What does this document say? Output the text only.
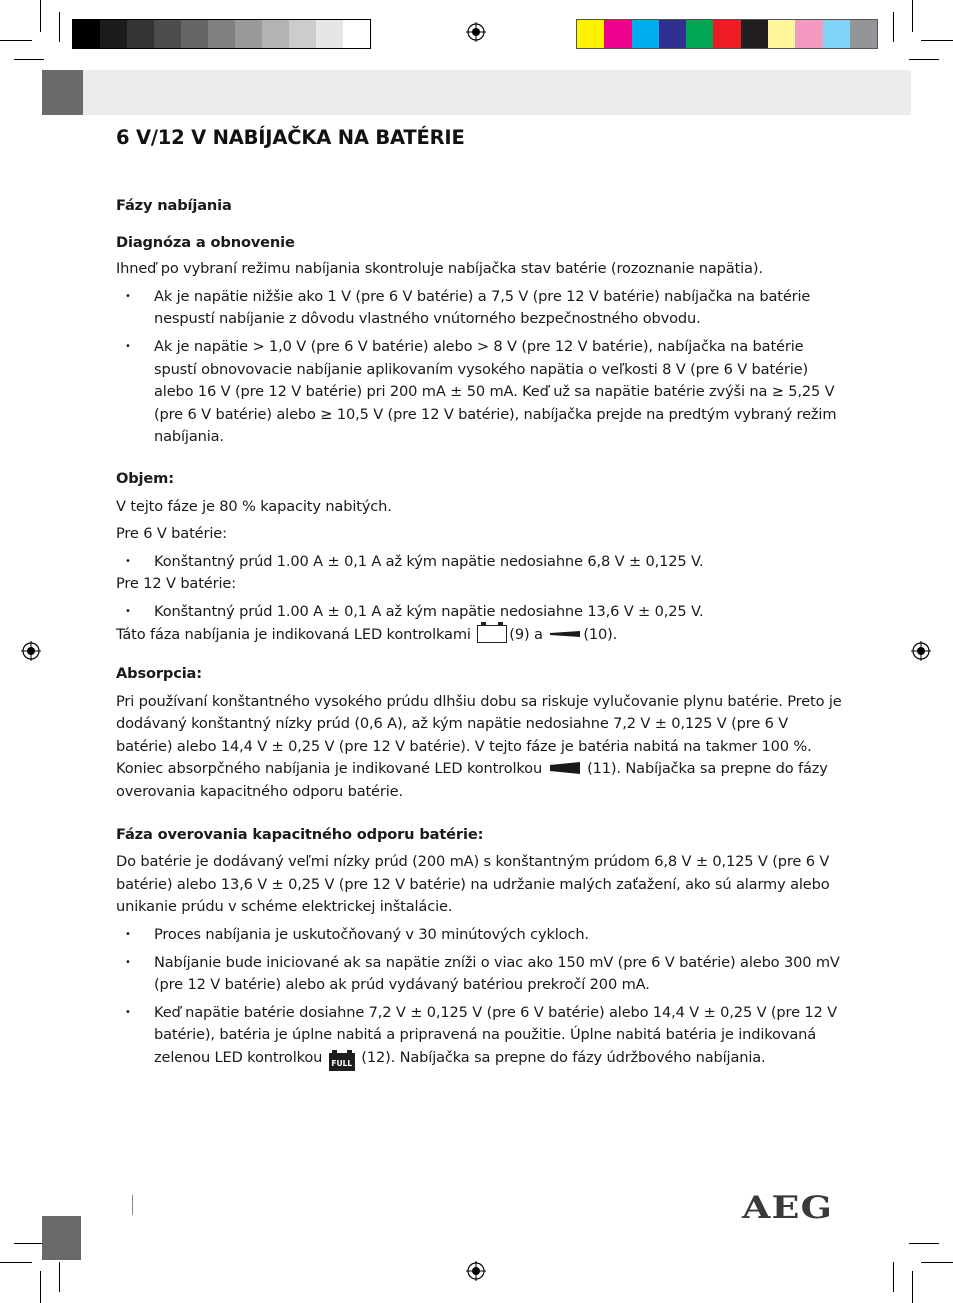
6 V/12 V NABÍJAČKA NA BATÉRIE

Fázy nabíjania

Diagnóza a obnovenie

Ihneď po vybraní režimu nabíjania skontroluje nabíjačka stav batérie (rozoznanie napätia).

• Ak je napätie nižšie ako 1 V (pre 6 V batérie) a 7,5 V (pre 12 V batérie) nabíjačka na batérie nespustí nabíjanie z dôvodu vlastného vnútorného bezpečnostného obvodu.
• Ak je napätie > 1,0 V (pre 6 V batérie) alebo > 8 V (pre 12 V batérie), nabíjačka na batérie spustí obnovovacie nabíjanie aplikovaním vysokého napätia o veľkosti 8 V (pre 6 V batérie) alebo 16 V (pre 12 V batérie) pri 200 mA ± 50 mA. Keď už sa napätie batérie zvýši na ≥ 5,25 V (pre 6 V batérie) alebo ≥ 10,5 V (pre 12 V batérie), nabíjačka prejde na predtým vybraný režim nabíjania.

Objem:

V tejto fáze je 80 % kapacity nabitých.

Pre 6 V batérie:

• Konštantný prúd 1.00 A ± 0,1 A až kým napätie nedosiahne 6,8 V ± 0,125 V.

Pre 12 V batérie:

• Konštantný prúd 1.00 A ± 0,1 A až kým napätie nedosiahne 13,6 V ± 0,25 V.

Táto fáza nabíjania je indikovaná LED kontrolkami	(9) a	(10).

Absorpcia:

Pri používaní konštantného vysokého prúdu dlhšiu dobu sa riskuje vylučovanie plynu batérie. Preto je dodávaný konštantný nízky prúd (0,6 A), až kým napätie nedosiahne 7,2 V ± 0,125 V (pre 6 V batérie) alebo 14,4 V ± 0,25 V (pre 12 V batérie). V tejto fáze je batéria nabitá na takmer 100 %. Koniec absorpčného nabíjania je indikované LED kontrolkou	(11). Nabíjačka sa prepne do fázy overovania kapacitného odporu batérie.

Fáza overovania kapacitného odporu batérie:

Do batérie je dodávaný veľmi nízky prúd (200 mA) s konštantným prúdom 6,8 V ± 0,125 V (pre 6 V batérie) alebo 13,6 V ± 0,25 V (pre 12 V batérie) na udržanie malých zaťažení, ako sú alarmy alebo unikanie prúdu v schéme elektrickej inštalácie.

• Proces nabíjania je uskutočňovaný v 30 minútových cykloch.
• Nabíjanie bude iniciované ak sa napätie zníži o viac ako 150 mV (pre 6 V batérie) alebo 300 mV (pre 12 V batérie) alebo ak prúd vydávaný batériou prekročí 200 mA.
• Keď napätie batérie dosiahne 7,2 V ± 0,125 V (pre 6 V batérie) alebo 14,4 V ± 0,25 V (pre 12 V batérie), batéria je úplne nabitá a pripravená na použitie. Úplne nabitá batéria je indikovaná zelenou LED kontrolkou FULL (12). Nabíjačka sa prepne do fázy údržbového nabíjania.
AEG
